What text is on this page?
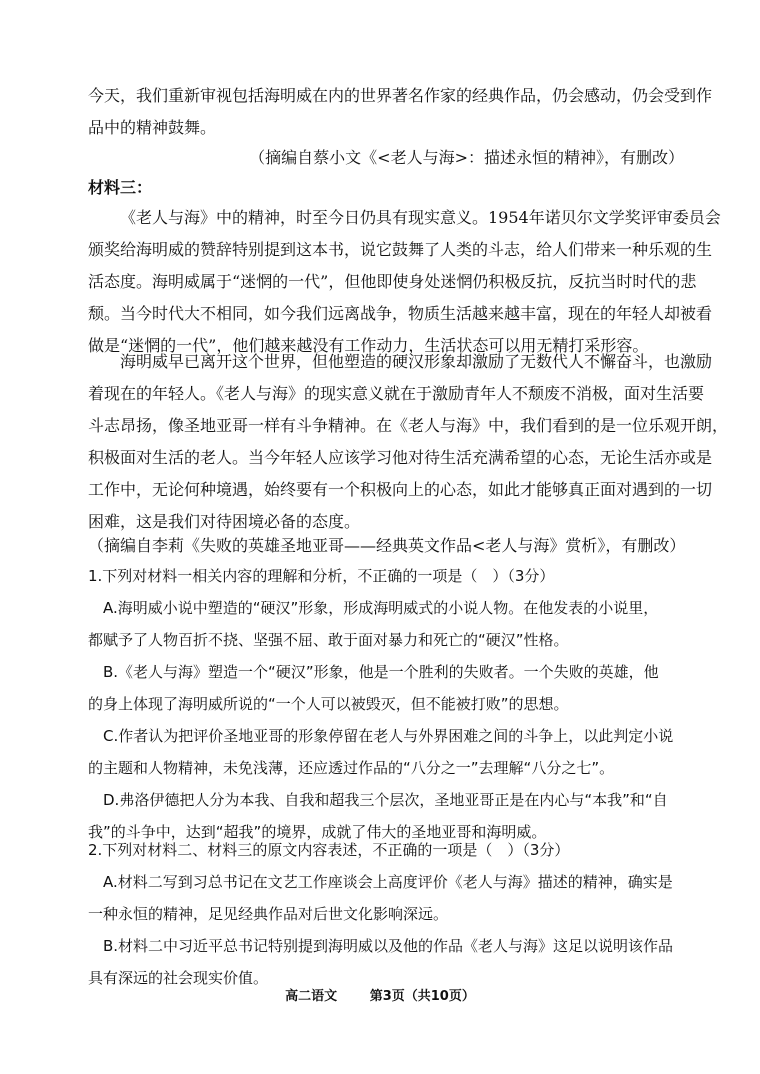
今天，我们重新审视包括海明威在内的世界著名作家的经典作品，仍会感动，仍会受到作
品中的精神鼓舞。
（摘编自蔡小文《<老人与海>：描述永恒的精神》，有删改）
材料三：
《老人与海》中的精神，时至今日仍具有现实意义。1954年诺贝尔文学奖评审委员会
颁奖给海明威的赞辞特别提到这本书，说它鼓舞了人类的斗志，给人们带来一种乐观的生
活态度。海明威属于“迷惘的一代”，但他即使身处迷惘仍积极反抗，反抗当时时代的悲
颓。当今时代大不相同，如今我们远离战争，物质生活越来越丰富，现在的年轻人却被看
做是“迷惘的一代”，他们越来越没有工作动力，生活状态可以用无精打采形容。
海明威早已离开这个世界，但他塑造的硬汉形象却激励了无数代人不懈奋斗，也激励
着现在的年轻人。《老人与海》的现实意义就在于激励青年人不颓废不消极，面对生活要
斗志昂扬，像圣地亚哥一样有斗争精神。在《老人与海》中，我们看到的是一位乐观开朗，
积极面对生活的老人。当今年轻人应该学习他对待生活充满希望的心态，无论生活亦或是
工作中，无论何种境遇，始终要有一个积极向上的心态，如此才能够真正面对遇到的一切
困难，这是我们对待困境必备的态度。
（摘编自李莉《失败的英雄圣地亚哥——经典英文作品<老人与海》赏析》，有删改）
1.下列对材料一相关内容的理解和分析，不正确的一项是（　）（3分）
A.海明威小说中塑造的“硬汉”形象，形成海明威式的小说人物。在他发表的小说里，
都赋予了人物百折不挠、坚强不屈、敢于面对暴力和死亡的“硬汉”性格。
B.《老人与海》塑造一个“硬汉”形象，他是一个胜利的失败者。一个失败的英雄，他
的身上体现了海明威所说的“一个人可以被毁灭，但不能被打败”的思想。
C.作者认为把评价圣地亚哥的形象停留在老人与外界困难之间的斗争上，以此判定小说
的主题和人物精神，未免浅薄，还应透过作品的“八分之一”去理解“八分之七”。
D.弗洛伊德把人分为本我、自我和超我三个层次，圣地亚哥正是在内心与“本我”和“自
我”的斗争中，达到“超我”的境界，成就了伟大的圣地亚哥和海明威。
2.下列对材料二、材料三的原文内容表述，不正确的一项是（　）（3分）
A.材料二写到习总书记在文艺工作座谈会上高度评价《老人与海》描述的精神，确实是
一种永恒的精神，足见经典作品对后世文化影响深远。
B.材料二中习近平总书记特别提到海明威以及他的作品《老人与海》这足以说明该作品
具有深远的社会现实价值。
高二语文	第3页（共10页）
